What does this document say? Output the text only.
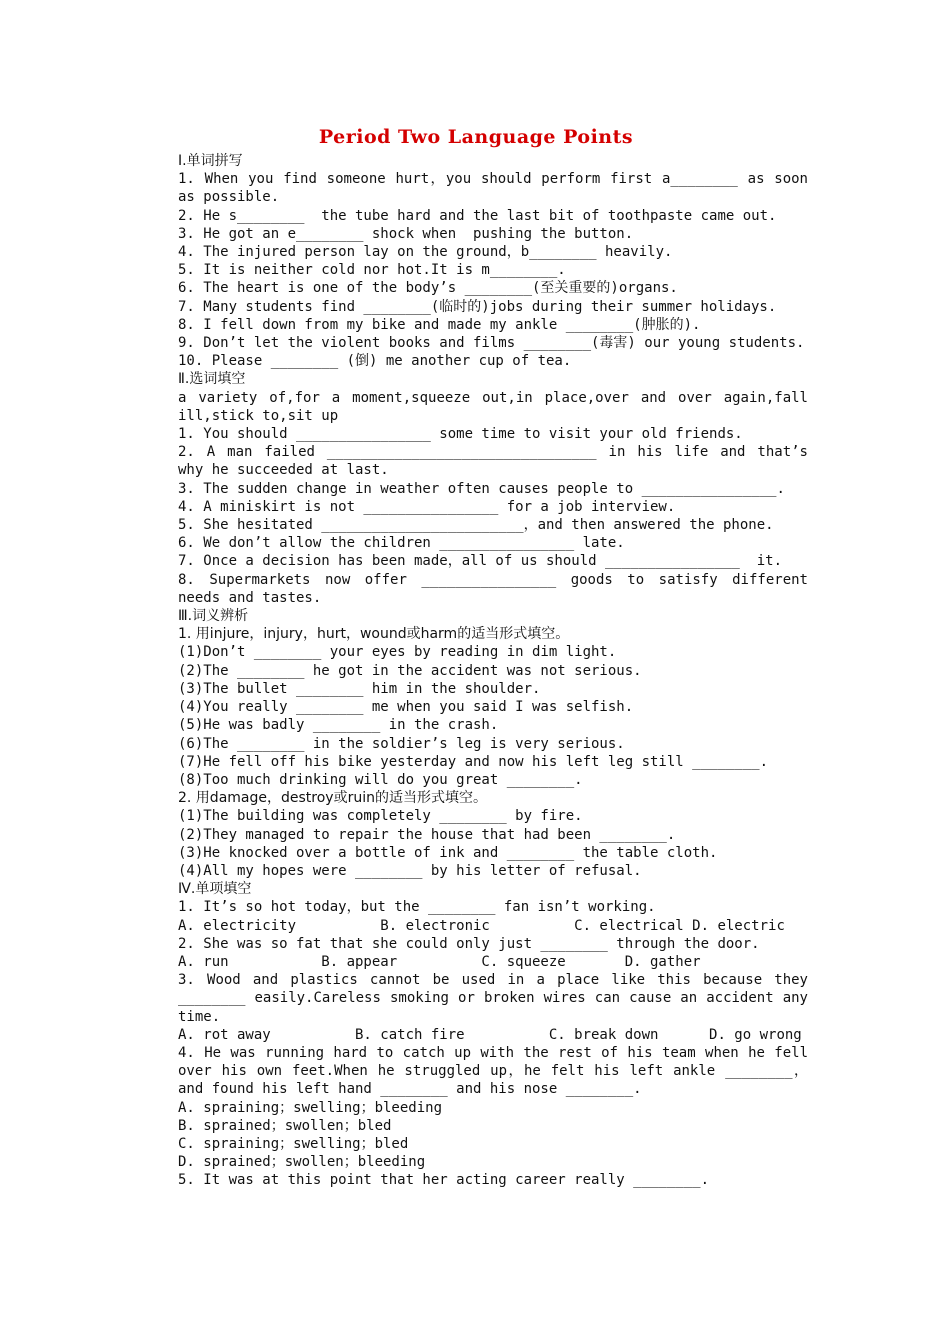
Period Two Language Points
Ⅰ.单词拼写
1. When you find someone hurt，you should perform first a________ as soon as possible.
2. He s________  the tube hard and the last bit of toothpaste came out.
3. He got an e________ shock when  pushing the button.
4. The injured person lay on the ground，b________ heavily.
5. It is neither cold nor hot.It is m________.
6. The heart is one of the body’s ________(至关重要的)organs.
7. Many students find ________(临时的)jobs during their summer holidays.
8. I fell down from my bike and made my ankle ________(肿胀的).
9. Don’t let the violent books and films ________(毒害) our young students.
10. Please ________ (倒) me another cup of tea.
Ⅱ.选词填空
a variety of,for a moment,squeeze out,in place,over and over again,fall ill,stick to,sit up
1. You should ________________ some time to visit your old friends.
2. A man failed ________________________________ in his life and that’s why he succeeded at last.
3. The sudden change in weather often causes people to ________________.
4. A miniskirt is not ________________ for a job interview.
5. She hesitated ________________________，and then answered the phone.
6. We don’t allow the children ________________ late.
7. Once a decision has been made，all of us should ________________  it.
8. Supermarkets now offer ________________ goods to satisfy different needs and tastes.
Ⅲ.词义辨析
1. 用injure，injury，hurt，wound或harm的适当形式填空。
(1)Don’t ________ your eyes by reading in dim light.
(2)The ________ he got in the accident was not serious.
(3)The bullet ________ him in the shoulder.
(4)You really ________ me when you said I was selfish.
(5)He was badly ________ in the crash.
(6)The ________ in the soldier’s leg is very serious.
(7)He fell off his bike yesterday and now his left leg still ________.
(8)Too much drinking will do you great ________.
2. 用damage，destroy或ruin的适当形式填空。
(1)The building was completely ________ by fire.
(2)They managed to repair the house that had been ________.
(3)He knocked over a bottle of ink and ________ the table cloth.
(4)All my hopes were ________ by his letter of refusal.
Ⅳ.单项填空
1. It’s so hot today，but the ________ fan isn’t working.
A. electricity          B. electronic          C. electrical D. electric
2. She was so fat that she could only just ________ through the door.
A. run           B. appear          C. squeeze       D. gather
3. Wood and plastics cannot be used in a place like this because they ________ easily.Careless smoking or broken wires can cause an accident any time.
A. rot away          B. catch fire          C. break down      D. go wrong
4. He was running hard to catch up with the rest of his team when he fell over his own feet.When he struggled up，he felt his left ankle ________，and found his left hand ________ and his nose ________.
A. spraining；swelling；bleeding
B. sprained；swollen；bled
C. spraining；swelling；bled
D. sprained；swollen；bleeding
5. It was at this point that her acting career really ________.
